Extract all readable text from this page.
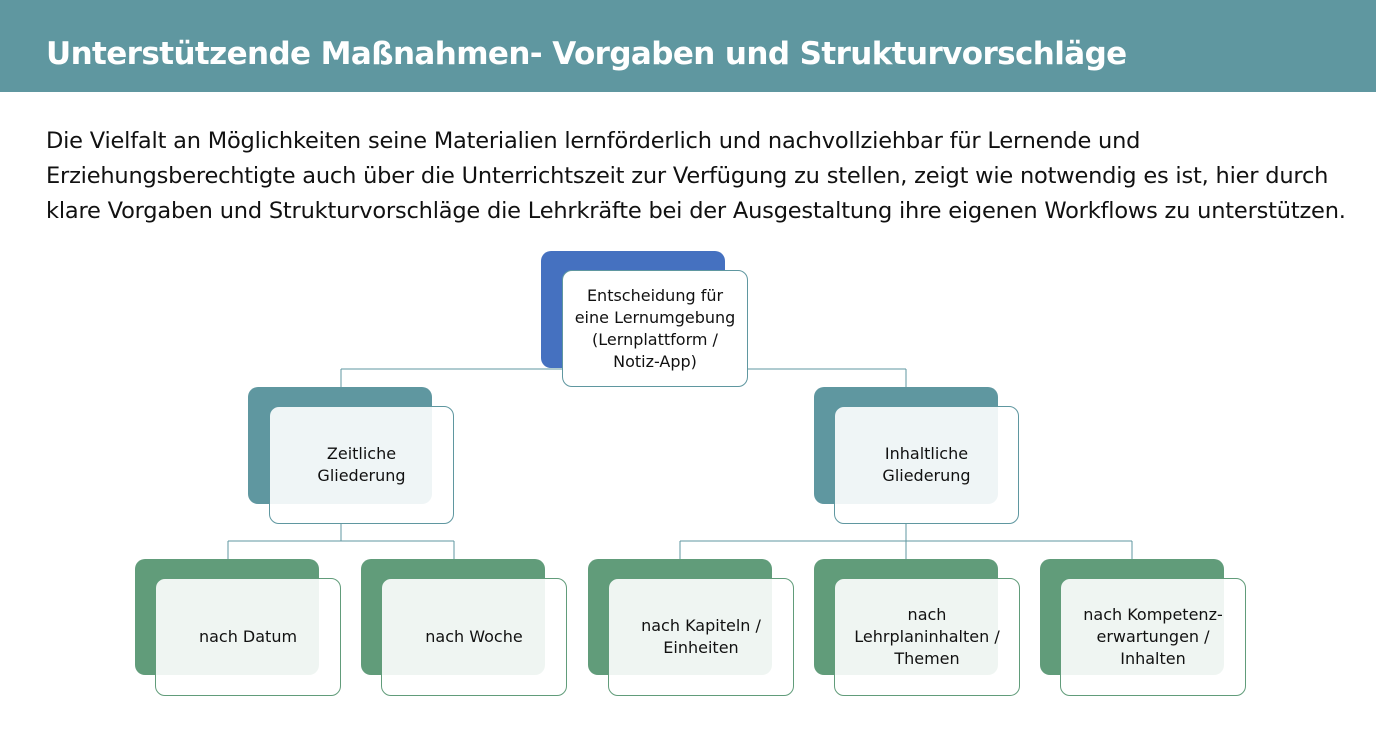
Unterstützende Maßnahmen- Vorgaben und Strukturvorschläge

Die Vielfalt an Möglichkeiten seine Materialien lernförderlich und nachvollziehbar für Lernende und Erziehungsberechtigte auch über die Unterrichtszeit zur Verfügung zu stellen, zeigt wie notwendig es ist, hier durch klare Vorgaben und Strukturvorschläge die Lehrkräfte bei der Ausgestaltung ihre eigenen Workflows zu unterstützen.

Entscheidung für eine Lernumgebung (Lernplattform / Notiz-App)
Zeitliche Gliederung
Inhaltliche Gliederung
nach Datum	nach Woche
nach Kapiteln / Einheiten
nach Lehrplaninhalten / Themen
nach Kompetenz-erwartungen / Inhalten
